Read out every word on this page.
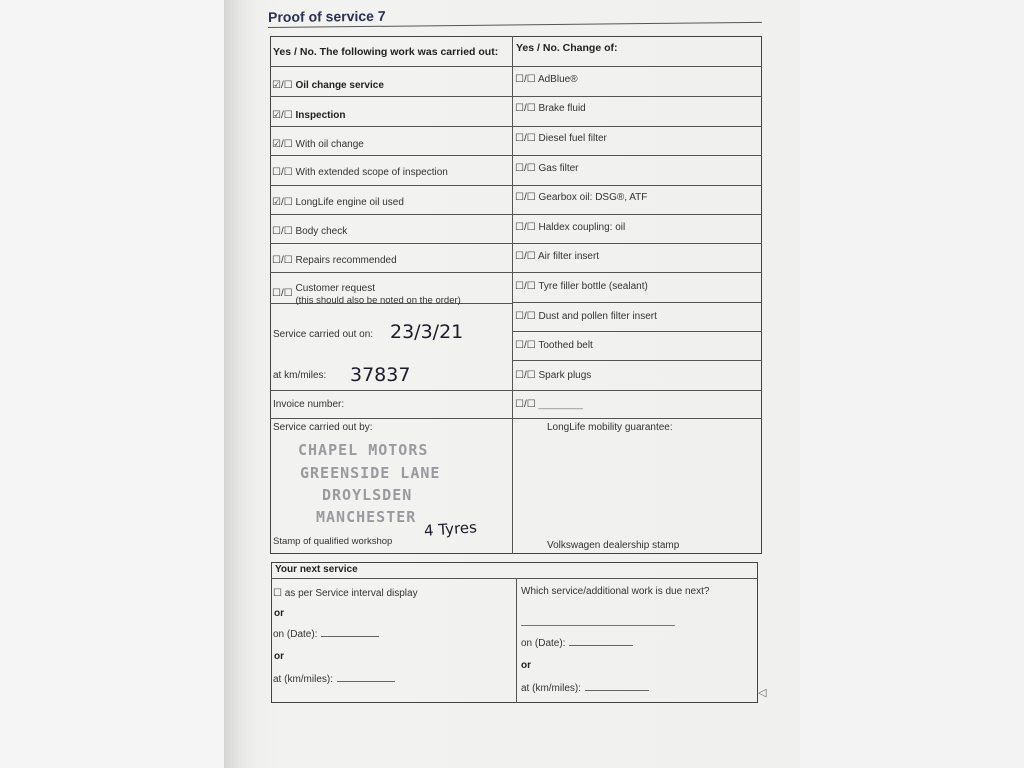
Proof of service 7
Yes / No. The following work was carried out: Yes / No. Change of:
☑/☐ Oil change service
☑/☐ Inspection
☑/☐ With oil change
☐/☐ With extended scope of inspection
☑/☐ LongLife engine oil used
☐/☐ Body check
☐/☐ Repairs recommended
☐/☐ Customer request
(this should also be noted on the order)
Service carried out on: 23/3/21
at km/miles: 37837
Invoice number:
Service carried out by:
CHAPEL MOTORS
GREENSIDE LANE
DROYLSDEN
MANCHESTER
4 Tyres
Stamp of qualified workshop
☐/☐ AdBlue®
☐/☐ Brake fluid
☐/☐ Diesel fuel filter
☐/☐ Gas filter
☐/☐ Gearbox oil: DSG®, ATF
☐/☐ Haldex coupling: oil
☐/☐ Air filter insert
☐/☐ Tyre filler bottle (sealant)
☐/☐ Dust and pollen filter insert
☐/☐ Toothed belt
☐/☐ Spark plugs
☐/☐ ________
LongLife mobility guarantee:
Volkswagen dealership stamp
Your next service
☐ as per Service interval display
or
on (Date):
or
at (km/miles):
Which service/additional work is due next?
on (Date):
or
at (km/miles):	◁
